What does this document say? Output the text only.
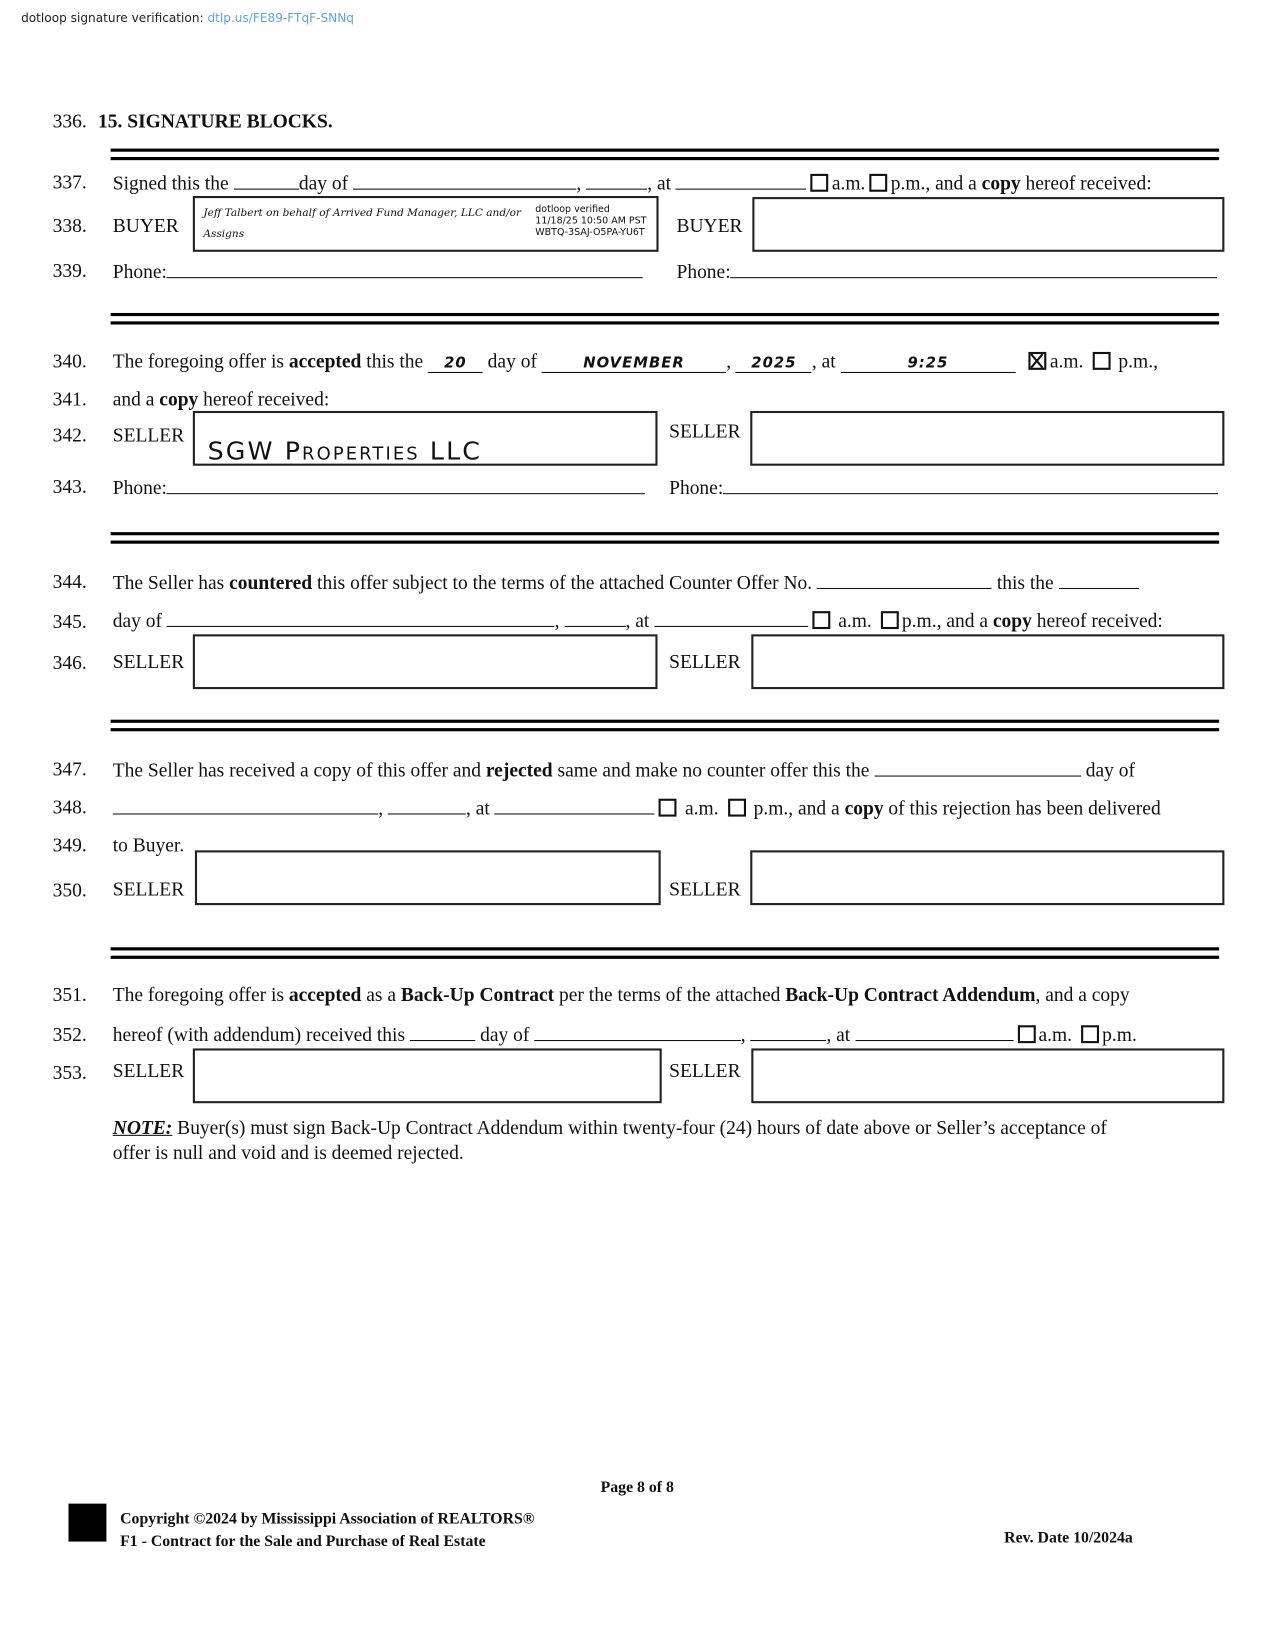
dotloop signature verification: dtlp.us/FE89-FTqF-SNNq
336. 15. SIGNATURE BLOCKS.
337. Signed this the	day of	,	, at	a.m. p.m., and a copy hereof received:
338. BUYER
Jeff Talbert on behalf of Arrived Fund Manager, LLC and/or
Assigns
dotloop verified
11/18/25 10:50 AM PST
WBTQ-3SAJ-O5PA-YU6T BUYER
339. Phone:	Phone:
340. The foregoing offer is accepted this the 20 day of	NOVEMBER , 2025 , at	9:25	a.m. p.m.,
341. and a copy hereof received:
342. SELLER SGW Properties LLC
SELLER
343. Phone:	Phone:
344. The Seller has countered this offer subject to the terms of the attached Counter Offer No.	this the
345. day of	,	, at	a.m. p.m., and a copy hereof received:
346. SELLER	SELLER
347. The Seller has received a copy of this offer and rejected same and make no counter offer this the	day of
348.	,	, at	a.m. p.m., and a copy of this rejection has been delivered
349. to Buyer.
350. SELLER	SELLER
351. The foregoing offer is accepted as a Back-Up Contract per the terms of the attached Back-Up Contract Addendum, and a copy
352. hereof (with addendum) received this	day of	,	, at	a.m. p.m.
353. SELLER	SELLER
NOTE: Buyer(s) must sign Back-Up Contract Addendum within twenty-four (24) hours of date above or Seller’s acceptance of
offer is null and void and is deemed rejected.
Page 8 of 8
Copyright ©2024 by Mississippi Association of REALTORS®
F1 - Contract for the Sale and Purchase of Real Estate	Rev. Date 10/2024a
